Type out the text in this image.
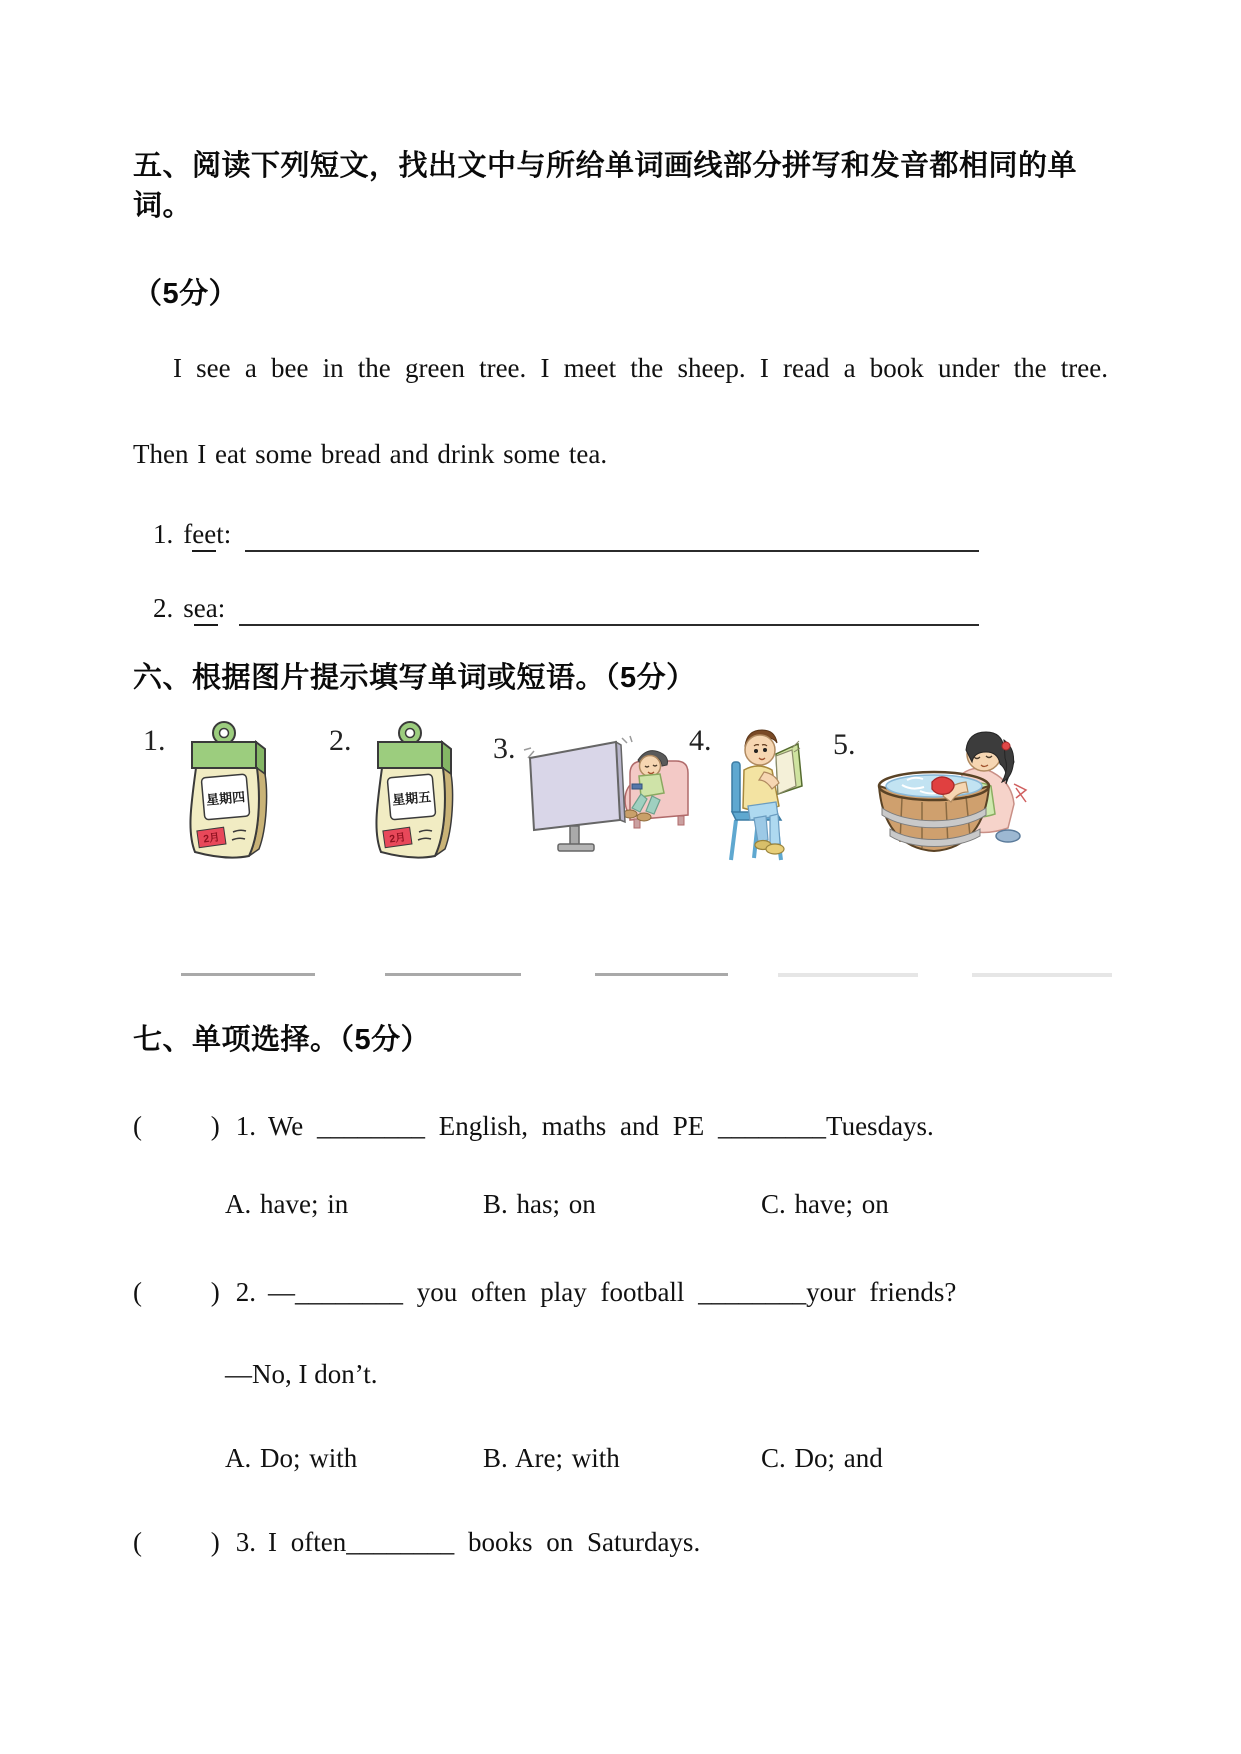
五、阅读下列短文，找出文中与所给单词画线部分拼写和发音都相同的单词。
（5分）
I see a bee in the green tree. I meet the sheep. I read a book under the tree.
Then I eat some bread and drink some tea.
1. feet :
2. sea :
六、根据图片提示填写单词或短语。（5分）
1.
星期四
2月
2.
星期五
2月
3.	4.	5.
七、单项选择。（5分）
(     ) 1. We ________ English, maths and PE ________Tuesdays.
A. have; in	B. has; on	C. have; on
(     ) 2. —________ you often play football ________your friends?
—No, I don’t.
A. Do; with	B. Are; with	C. Do; and
(     ) 3. I often________ books on Saturdays.
